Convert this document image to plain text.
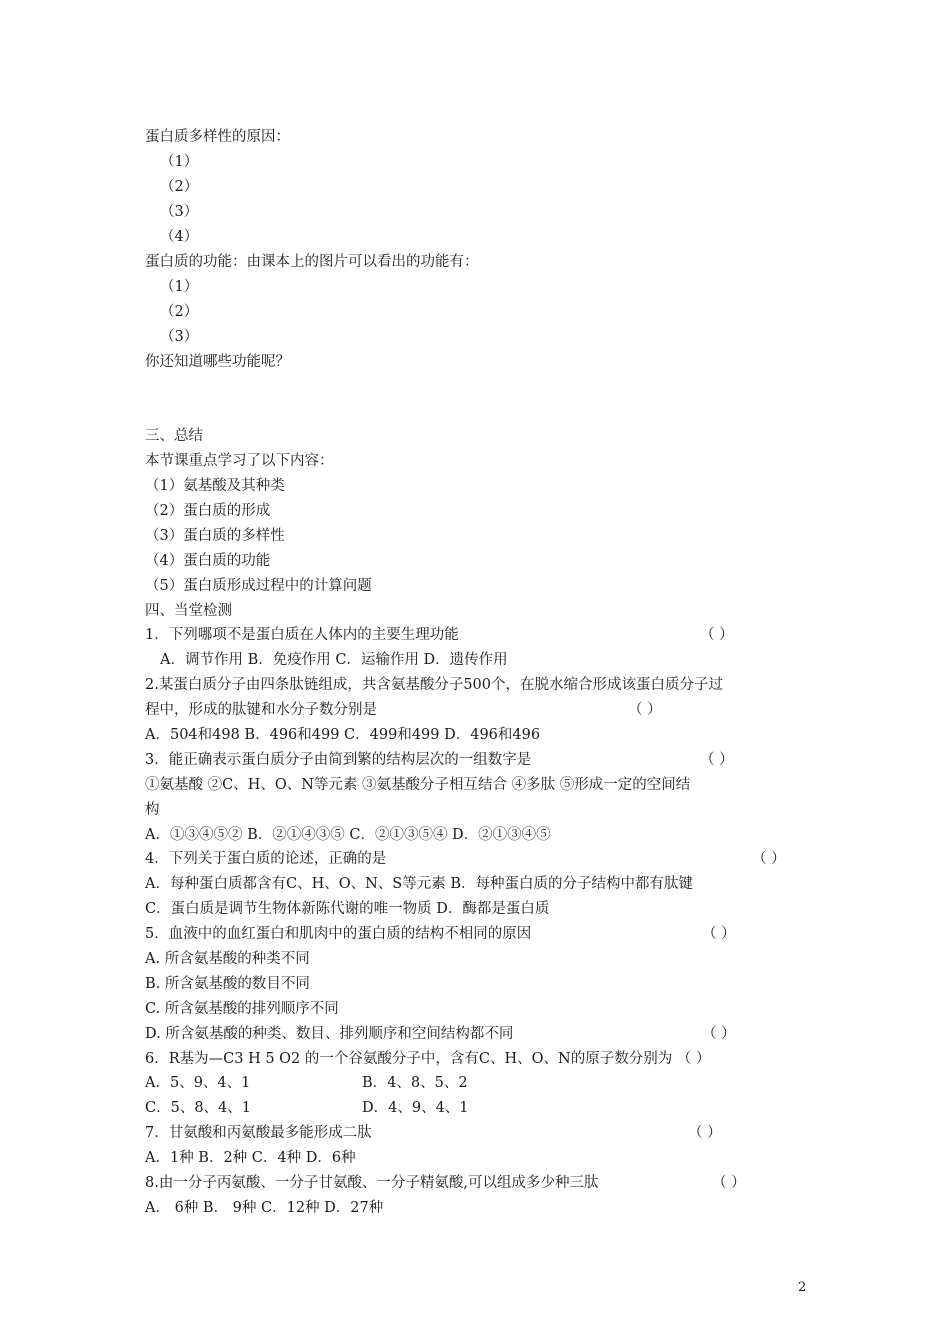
蛋白质多样性的原因：
（1）
（2）
（3）
（4）
蛋白质的功能：由课本上的图片可以看出的功能有：
（1）
（2）
（3）
你还知道哪些功能呢？
三、总结
本节课重点学习了以下内容：
（1）氨基酸及其种类
（2）蛋白质的形成
（3）蛋白质的多样性
（4）蛋白质的功能
（5）蛋白质形成过程中的计算问题
四、当堂检测
1．下列哪项不是蛋白质在人体内的主要生理功能	（ ）
A．调节作用 B．免疫作用 C．运输作用 D．遗传作用
2.某蛋白质分子由四条肽链组成，共含氨基酸分子500个，在脱水缩合形成该蛋白质分子过
程中，形成的肽键和水分子数分别是	（ ）
A．504和498 B．496和499 C．499和499 D．496和496
3．能正确表示蛋白质分子由简到繁的结构层次的一组数字是	（ ）
①氨基酸 ②C、H、O、N等元素 ③氨基酸分子相互结合 ④多肽 ⑤形成一定的空间结
构
A．①③④⑤② B．②①④③⑤ C．②①③⑤④ D．②①③④⑤
4．下列关于蛋白质的论述，正确的是	（ ）
A．每种蛋白质都含有C、H、O、N、S等元素 B．每种蛋白质的分子结构中都有肽键
C．蛋白质是调节生物体新陈代谢的唯一物质 D．酶都是蛋白质
5．血液中的血红蛋白和肌肉中的蛋白质的结构不相同的原因	（ ）
A. 所含氨基酸的种类不同
B. 所含氨基酸的数目不同
C. 所含氨基酸的排列顺序不同
D. 所含氨基酸的种类、数目、排列顺序和空间结构都不同	（ ）
6．R基为—C3 H 5 O2 的一个谷氨酸分子中，含有C、H、O、N的原子数分别为 （ ）
A．5、9、4、1	B．4、8、5、2
C．5、8、4、1	D．4、9、4、1
7．甘氨酸和丙氨酸最多能形成二肽	（ ）
A．1种 B．2种 C．4种 D．6种
8.由一分子丙氨酸、一分子甘氨酸、一分子精氨酸,可以组成多少种三肽	（ ）
A． 6种 B． 9种 C．12种 D．27种
2
